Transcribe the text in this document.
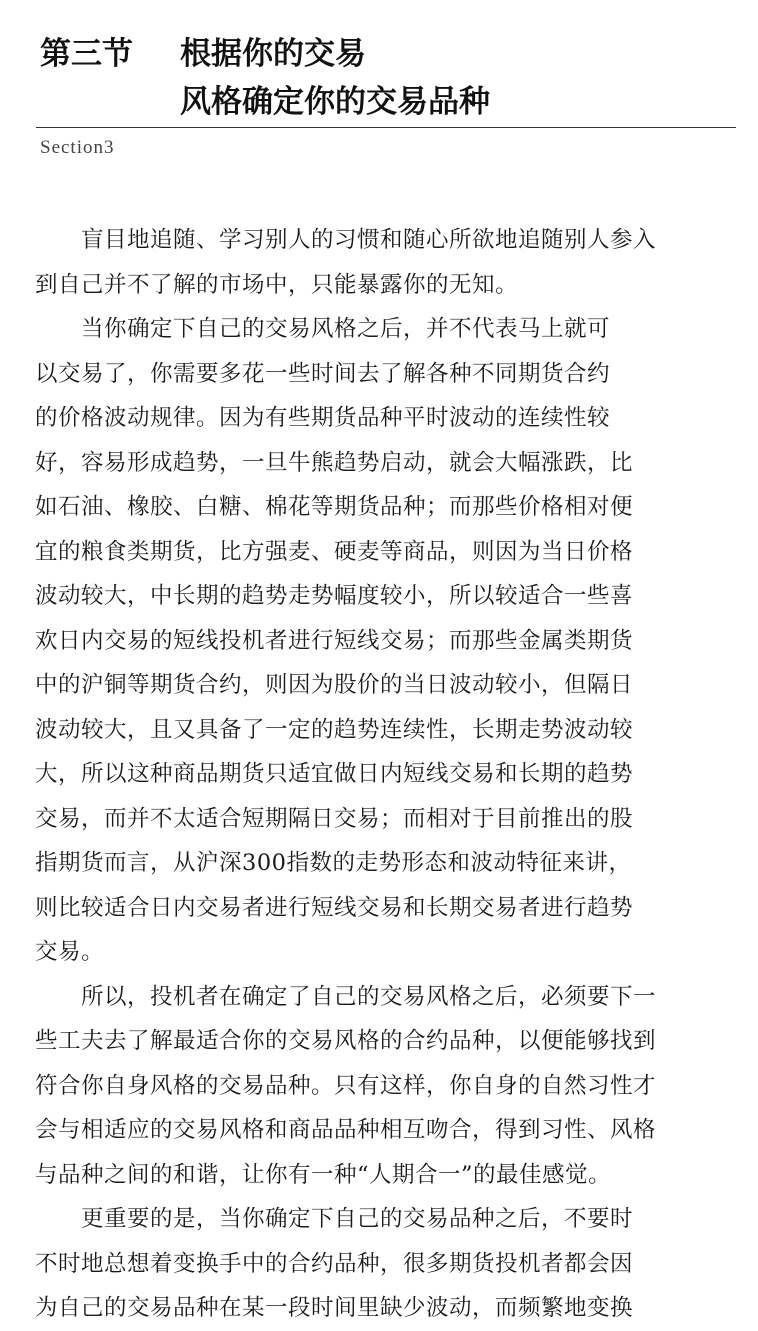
第三节	根据你的交易
风格确定你的交易品种
Section3
　　盲目地追随、学习别人的习惯和随心所欲地追随别人参入
到自己并不了解的市场中，只能暴露你的无知。
　　当你确定下自己的交易风格之后，并不代表马上就可
以交易了，你需要多花一些时间去了解各种不同期货合约
的价格波动规律。因为有些期货品种平时波动的连续性较
好，容易形成趋势，一旦牛熊趋势启动，就会大幅涨跌，比
如石油、橡胶、白糖、棉花等期货品种；而那些价格相对便
宜的粮食类期货，比方强麦、硬麦等商品，则因为当日价格
波动较大，中长期的趋势走势幅度较小，所以较适合一些喜
欢日内交易的短线投机者进行短线交易；而那些金属类期货
中的沪铜等期货合约，则因为股价的当日波动较小，但隔日
波动较大，且又具备了一定的趋势连续性，长期走势波动较
大，所以这种商品期货只适宜做日内短线交易和长期的趋势
交易，而并不太适合短期隔日交易；而相对于目前推出的股
指期货而言，从沪深300指数的走势形态和波动特征来讲，
则比较适合日内交易者进行短线交易和长期交易者进行趋势
交易。
　　所以，投机者在确定了自己的交易风格之后，必须要下一
些工夫去了解最适合你的交易风格的合约品种，以便能够找到
符合你自身风格的交易品种。只有这样，你自身的自然习性才
会与相适应的交易风格和商品品种相互吻合，得到习性、风格
与品种之间的和谐，让你有一种“人期合一”的最佳感觉。
　　更重要的是，当你确定下自己的交易品种之后，不要时
不时地总想着变换手中的合约品种，很多期货投机者都会因
为自己的交易品种在某一段时间里缺少波动，而频繁地变换
